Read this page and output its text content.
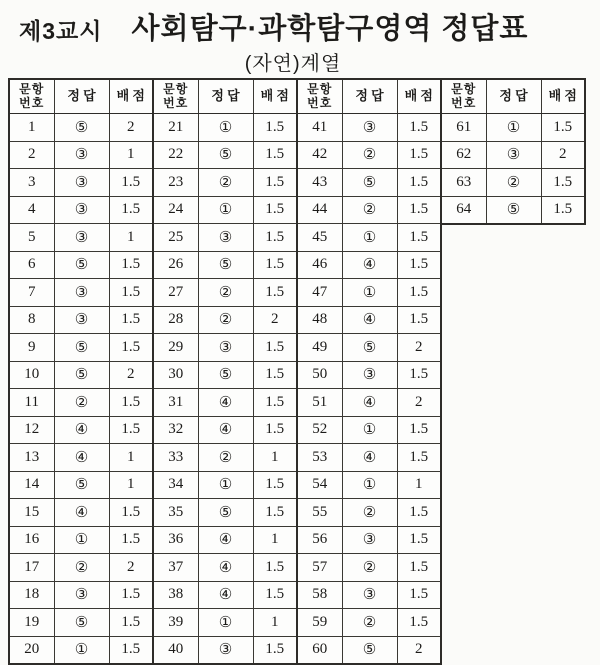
제3교시	사회탐구·과학탐구영역 정답표
(자연)계열
문항
번호	정 답	배 점
1	⑤	2
2	③	1
3	③	1.5
4	③	1.5
5	③	1
6	⑤	1.5
7	③	1.5
8	③	1.5
9	⑤	1.5
10	⑤	2
11	②	1.5
12	④	1.5
13	④	1
14	⑤	1
15	④	1.5
16	①	1.5
17	②	2
18	③	1.5
19	⑤	1.5
20	①	1.5
문항
번호	정 답	배 점
21	①	1.5
22	⑤	1.5
23	②	1.5
24	①	1.5
25	③	1.5
26	⑤	1.5
27	②	1.5
28	②	2
29	③	1.5
30	⑤	1.5
31	④	1.5
32	④	1.5
33	②	1
34	①	1.5
35	⑤	1.5
36	④	1
37	④	1.5
38	④	1.5
39	①	1
40	③	1.5
문항
번호	정 답	배 점
41	③	1.5
42	②	1.5
43	⑤	1.5
44	②	1.5
45	①	1.5
46	④	1.5
47	①	1.5
48	④	1.5
49	⑤	2
50	③	1.5
51	④	2
52	①	1.5
53	④	1.5
54	①	1
55	②	1.5
56	③	1.5
57	②	1.5
58	③	1.5
59	②	1.5
60	⑤	2
문항
번호	정 답	배 점
61	①	1.5
62	③	2
63	②	1.5
64	⑤	1.5
